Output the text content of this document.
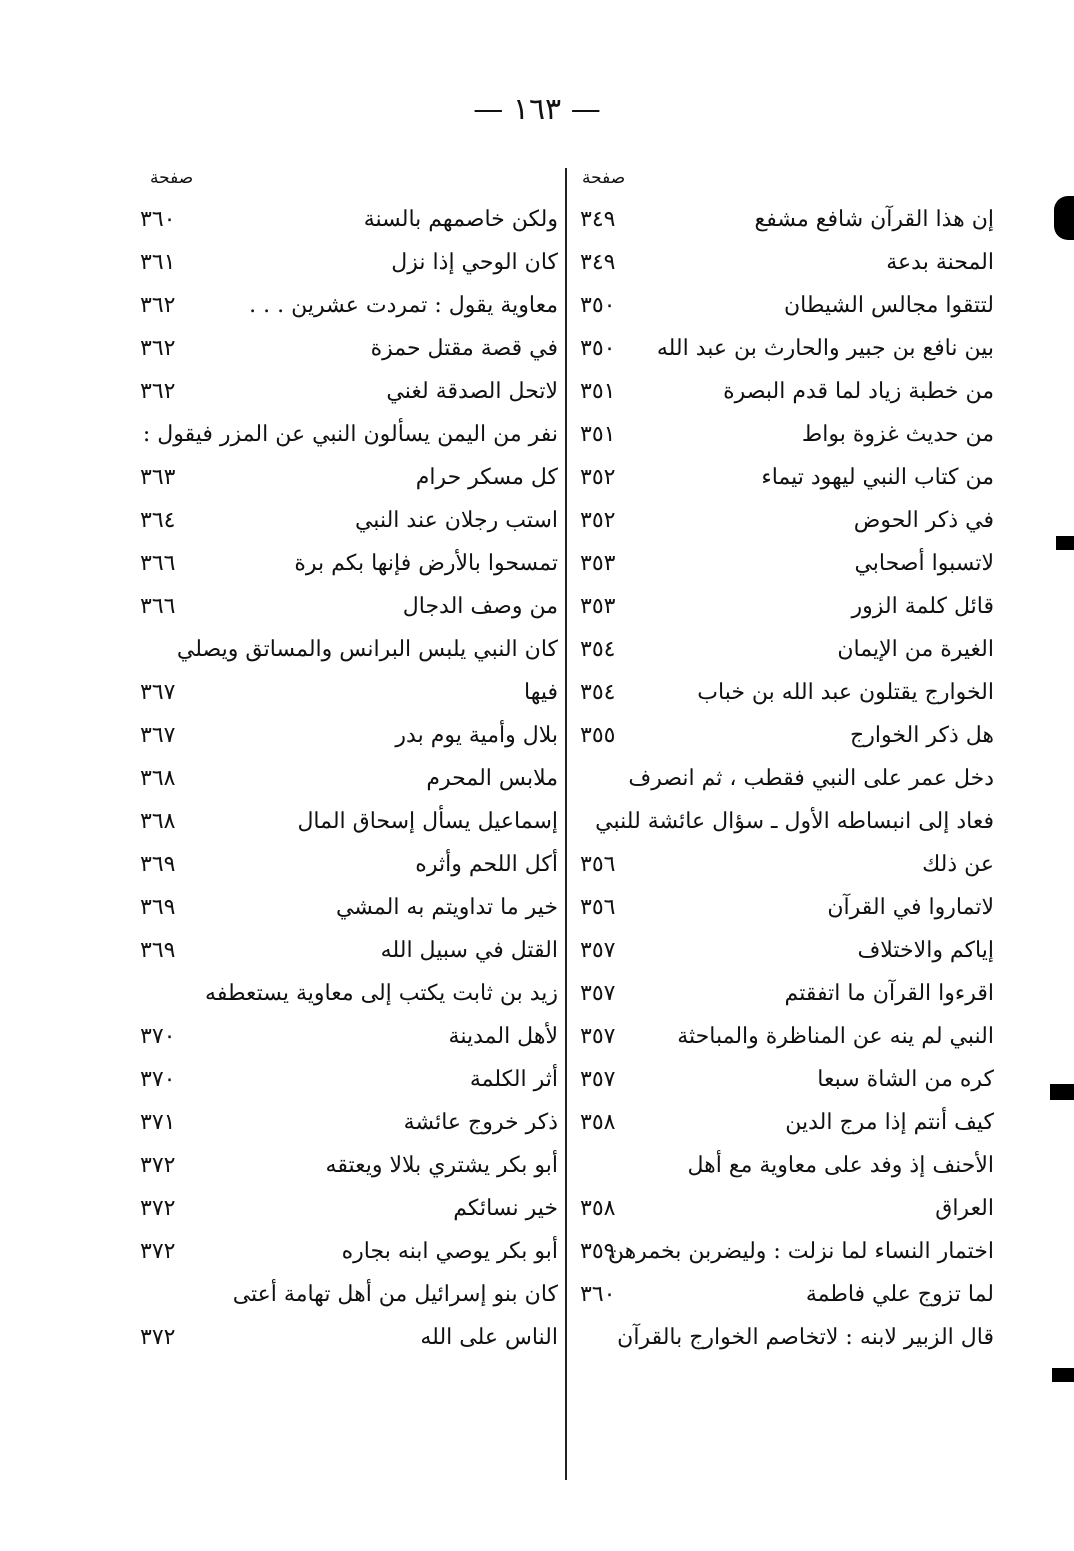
— ١٦٣ —
صفحة
صفحة
إن هذا القرآن شافع مشفع
٣٤٩
المحنة بدعة
٣٤٩
لتتقوا مجالس الشيطان
٣٥٠
بين نافع بن جبير والحارث بن عبد الله
٣٥٠
من خطبة زياد لما قدم البصرة
٣٥١
من حديث غزوة بواط
٣٥١
من كتاب النبي ليهود تيماء
٣٥٢
في ذكر الحوض
٣٥٢
لاتسبوا أصحابي
٣٥٣
قائل كلمة الزور
٣٥٣
الغيرة من الإيمان
٣٥٤
الخوارج يقتلون عبد الله بن خباب
٣٥٤
هل ذكر الخوارج
٣٥٥
دخل عمر على النبي فقطب ، ثم انصرف
فعاد إلى انبساطه الأول ـ سؤال عائشة للنبي
عن ذلك
٣٥٦
لاتماروا في القرآن
٣٥٦
إياكم والاختلاف
٣٥٧
اقرءوا القرآن ما اتفقتم
٣٥٧
النبي لم ينه عن المناظرة والمباحثة
٣٥٧
كره من الشاة سبعا
٣٥٧
كيف أنتم إذا مرج الدين
٣٥٨
الأحنف إذ وفد على معاوية مع أهل
العراق
٣٥٨
اختمار النساء لما نزلت : وليضربن بخمرهن
٣٥٩
لما تزوج علي فاطمة
٣٦٠
قال الزبير لابنه : لاتخاصم الخوارج بالقرآن
ولكن خاصمهم بالسنة
٣٦٠
كان الوحي إذا نزل
٣٦١
معاوية يقول : تمردت عشرين . . .
٣٦٢
في قصة مقتل حمزة
٣٦٢
لاتحل الصدقة لغني
٣٦٢
نفر من اليمن يسألون النبي عن المزر فيقول :
كل مسكر حرام
٣٦٣
استب رجلان عند النبي
٣٦٤
تمسحوا بالأرض فإنها بكم برة
٣٦٦
من وصف الدجال
٣٦٦
كان النبي يلبس البرانس والمساتق ويصلي
فيها
٣٦٧
بلال وأمية يوم بدر
٣٦٧
ملابس المحرم
٣٦٨
إسماعيل يسأل إسحاق المال
٣٦٨
أكل اللحم وأثره
٣٦٩
خير ما تداويتم به المشي
٣٦٩
القتل في سبيل الله
٣٦٩
زيد بن ثابت يكتب إلى معاوية يستعطفه
لأهل المدينة
٣٧٠
أثر الكلمة
٣٧٠
ذكر خروج عائشة
٣٧١
أبو بكر يشتري بلالا ويعتقه
٣٧٢
خير نسائكم
٣٧٢
أبو بكر يوصي ابنه بجاره
٣٧٢
كان بنو إسرائيل من أهل تهامة أعتى
الناس على الله
٣٧٢
